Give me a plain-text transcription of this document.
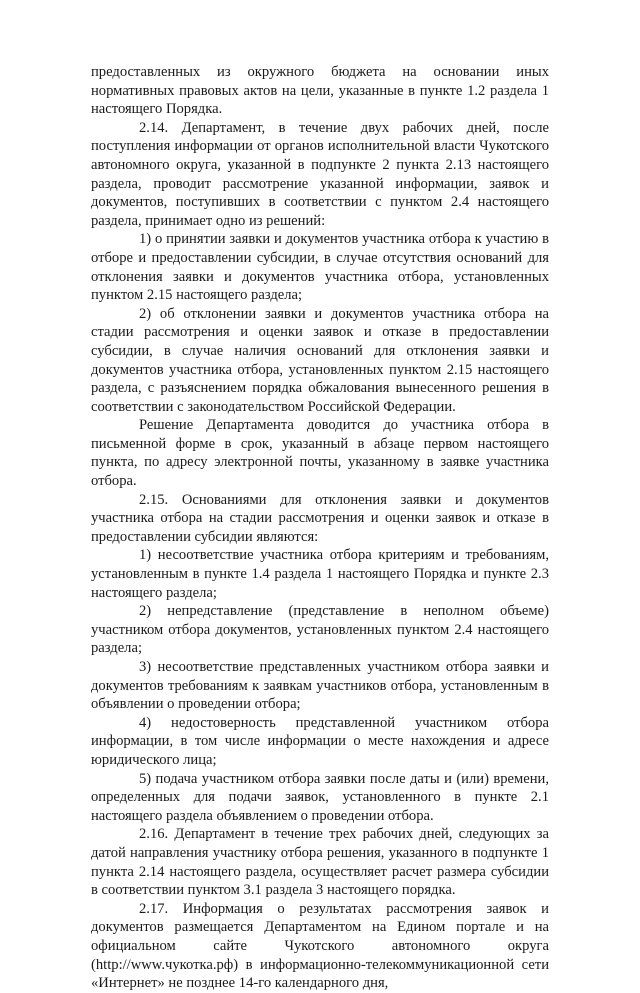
предоставленных из окружного бюджета на основании иных нормативных правовых актов на цели, указанные в пункте 1.2 раздела 1 настоящего Порядка.

2.14. Департамент, в течение двух рабочих дней, после поступления информации от органов исполнительной власти Чукотского автономного округа, указанной в подпункте 2 пункта 2.13 настоящего раздела, проводит рассмотрение указанной информации, заявок и документов, поступивших в соответствии с пунктом 2.4 настоящего раздела, принимает одно из решений:

1) о принятии заявки и документов участника отбора к участию в отборе и предоставлении субсидии, в случае отсутствия оснований для отклонения заявки и документов участника отбора, установленных пунктом 2.15 настоящего раздела;

2) об отклонении заявки и документов участника отбора на стадии рассмотрения и оценки заявок и отказе в предоставлении субсидии, в случае наличия оснований для отклонения заявки и документов участника отбора, установленных пунктом 2.15 настоящего раздела, с разъяснением порядка обжалования вынесенного решения в соответствии с законодательством Российской Федерации.

Решение Департамента доводится до участника отбора в письменной форме в срок, указанный в абзаце первом настоящего пункта, по адресу электронной почты, указанному в заявке участника отбора.

2.15. Основаниями для отклонения заявки и документов участника отбора на стадии рассмотрения и оценки заявок и отказе в предоставлении субсидии являются:

1) несоответствие участника отбора критериям и требованиям, установленным в пункте 1.4 раздела 1 настоящего Порядка и пункте 2.3 настоящего раздела;

2) непредставление (представление в неполном объеме) участником отбора документов, установленных пунктом 2.4 настоящего раздела;

3) несоответствие представленных участником отбора заявки и документов требованиям к заявкам участников отбора, установленным в объявлении о проведении отбора;

4) недостоверность представленной участником отбора информации, в том числе информации о месте нахождения и адресе юридического лица;

5) подача участником отбора заявки после даты и (или) времени, определенных для подачи заявок, установленного в пункте 2.1 настоящего раздела объявлением о проведении отбора.

2.16. Департамент в течение трех рабочих дней, следующих за датой направления участнику отбора решения, указанного в подпункте 1 пункта 2.14 настоящего раздела, осуществляет расчет размера субсидии в соответствии пунктом 3.1 раздела 3 настоящего порядка.

2.17. Информация о результатах рассмотрения заявок и документов размещается Департаментом на Едином портале и на официальном сайте Чукотского автономного округа (http://www.чукотка.рф) в информационно-телекоммуникационной сети «Интернет» не позднее 14-го календарного дня,
